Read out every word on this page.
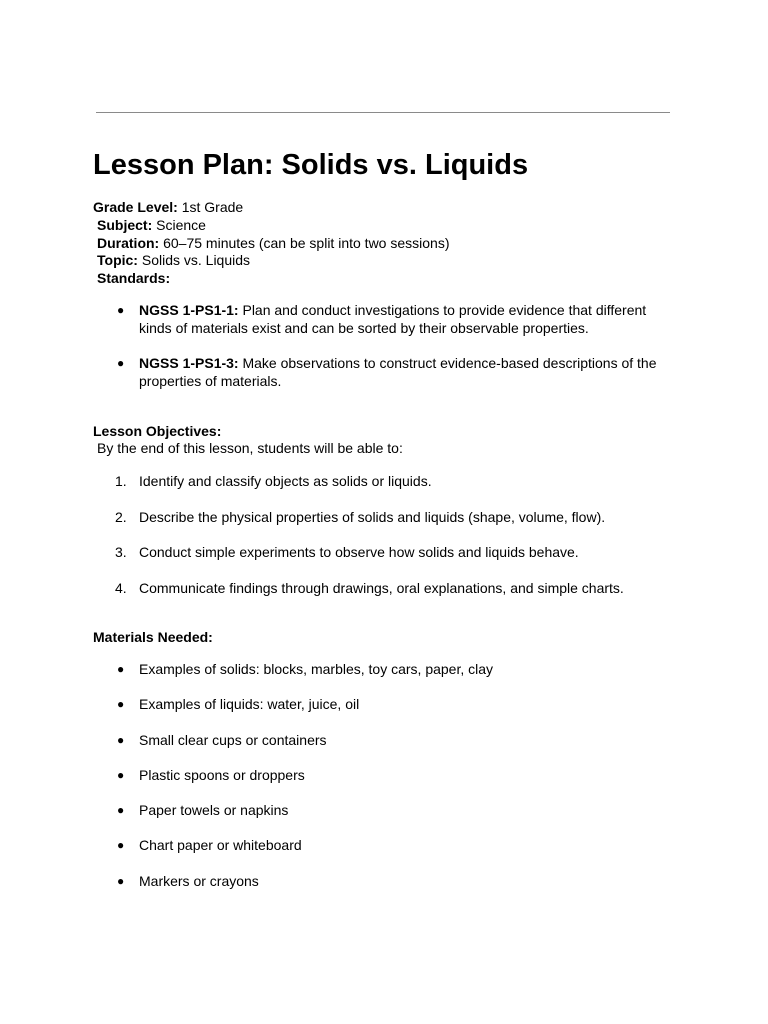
Lesson Plan: Solids vs. Liquids
Grade Level: 1st Grade
Subject: Science
Duration: 60–75 minutes (can be split into two sessions)
Topic: Solids vs. Liquids
Standards:
● NGSS 1-PS1-1: Plan and conduct investigations to provide evidence that different
kinds of materials exist and can be sorted by their observable properties.
● NGSS 1-PS1-3: Make observations to construct evidence-based descriptions of the
properties of materials.
Lesson Objectives:
By the end of this lesson, students will be able to:
1. Identify and classify objects as solids or liquids.
2. Describe the physical properties of solids and liquids (shape, volume, flow).
3. Conduct simple experiments to observe how solids and liquids behave.
4. Communicate findings through drawings, oral explanations, and simple charts.
Materials Needed:
● Examples of solids: blocks, marbles, toy cars, paper, clay
● Examples of liquids: water, juice, oil
● Small clear cups or containers
● Plastic spoons or droppers
● Paper towels or napkins
● Chart paper or whiteboard
● Markers or crayons
